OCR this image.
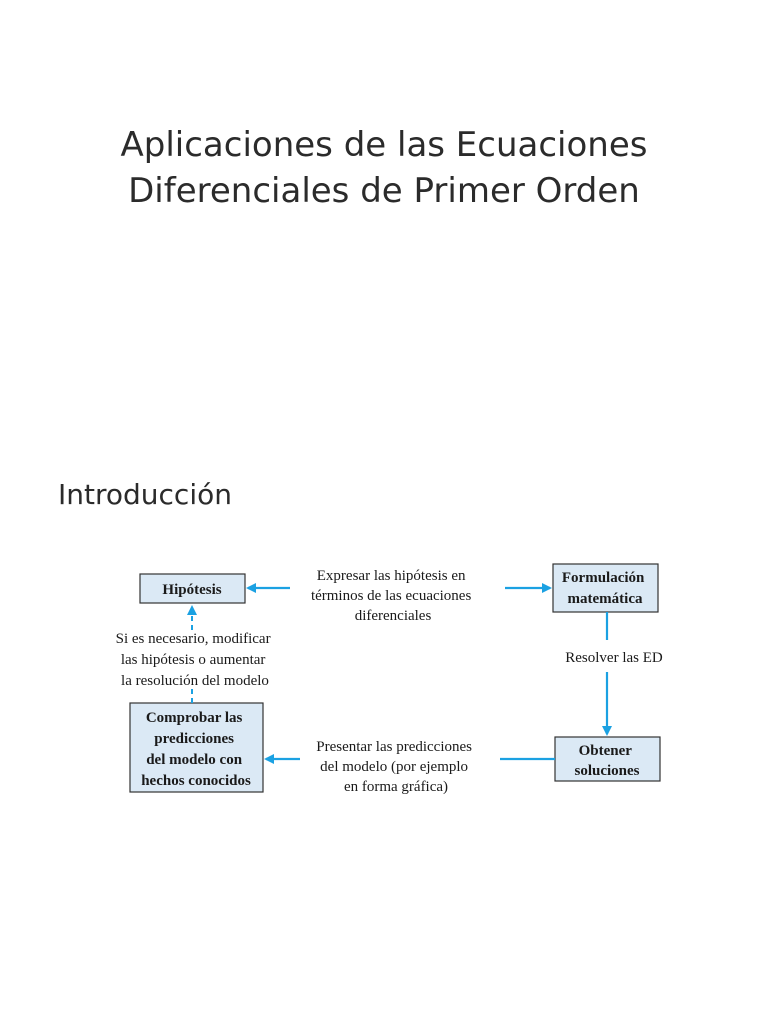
Aplicaciones de las Ecuaciones
Diferenciales de Primer Orden
Introducción
Hipótesis
Formulación matemática
Obtener soluciones
Comprobar las predicciones del modelo con hechos conocidos
Expresar las hipótesis en términos de las ecuaciones diferenciales
Resolver las ED
Presentar las predicciones del modelo (por ejemplo en forma gráfica)
Si es necesario, modificar las hipótesis o aumentar la resolución del modelo
